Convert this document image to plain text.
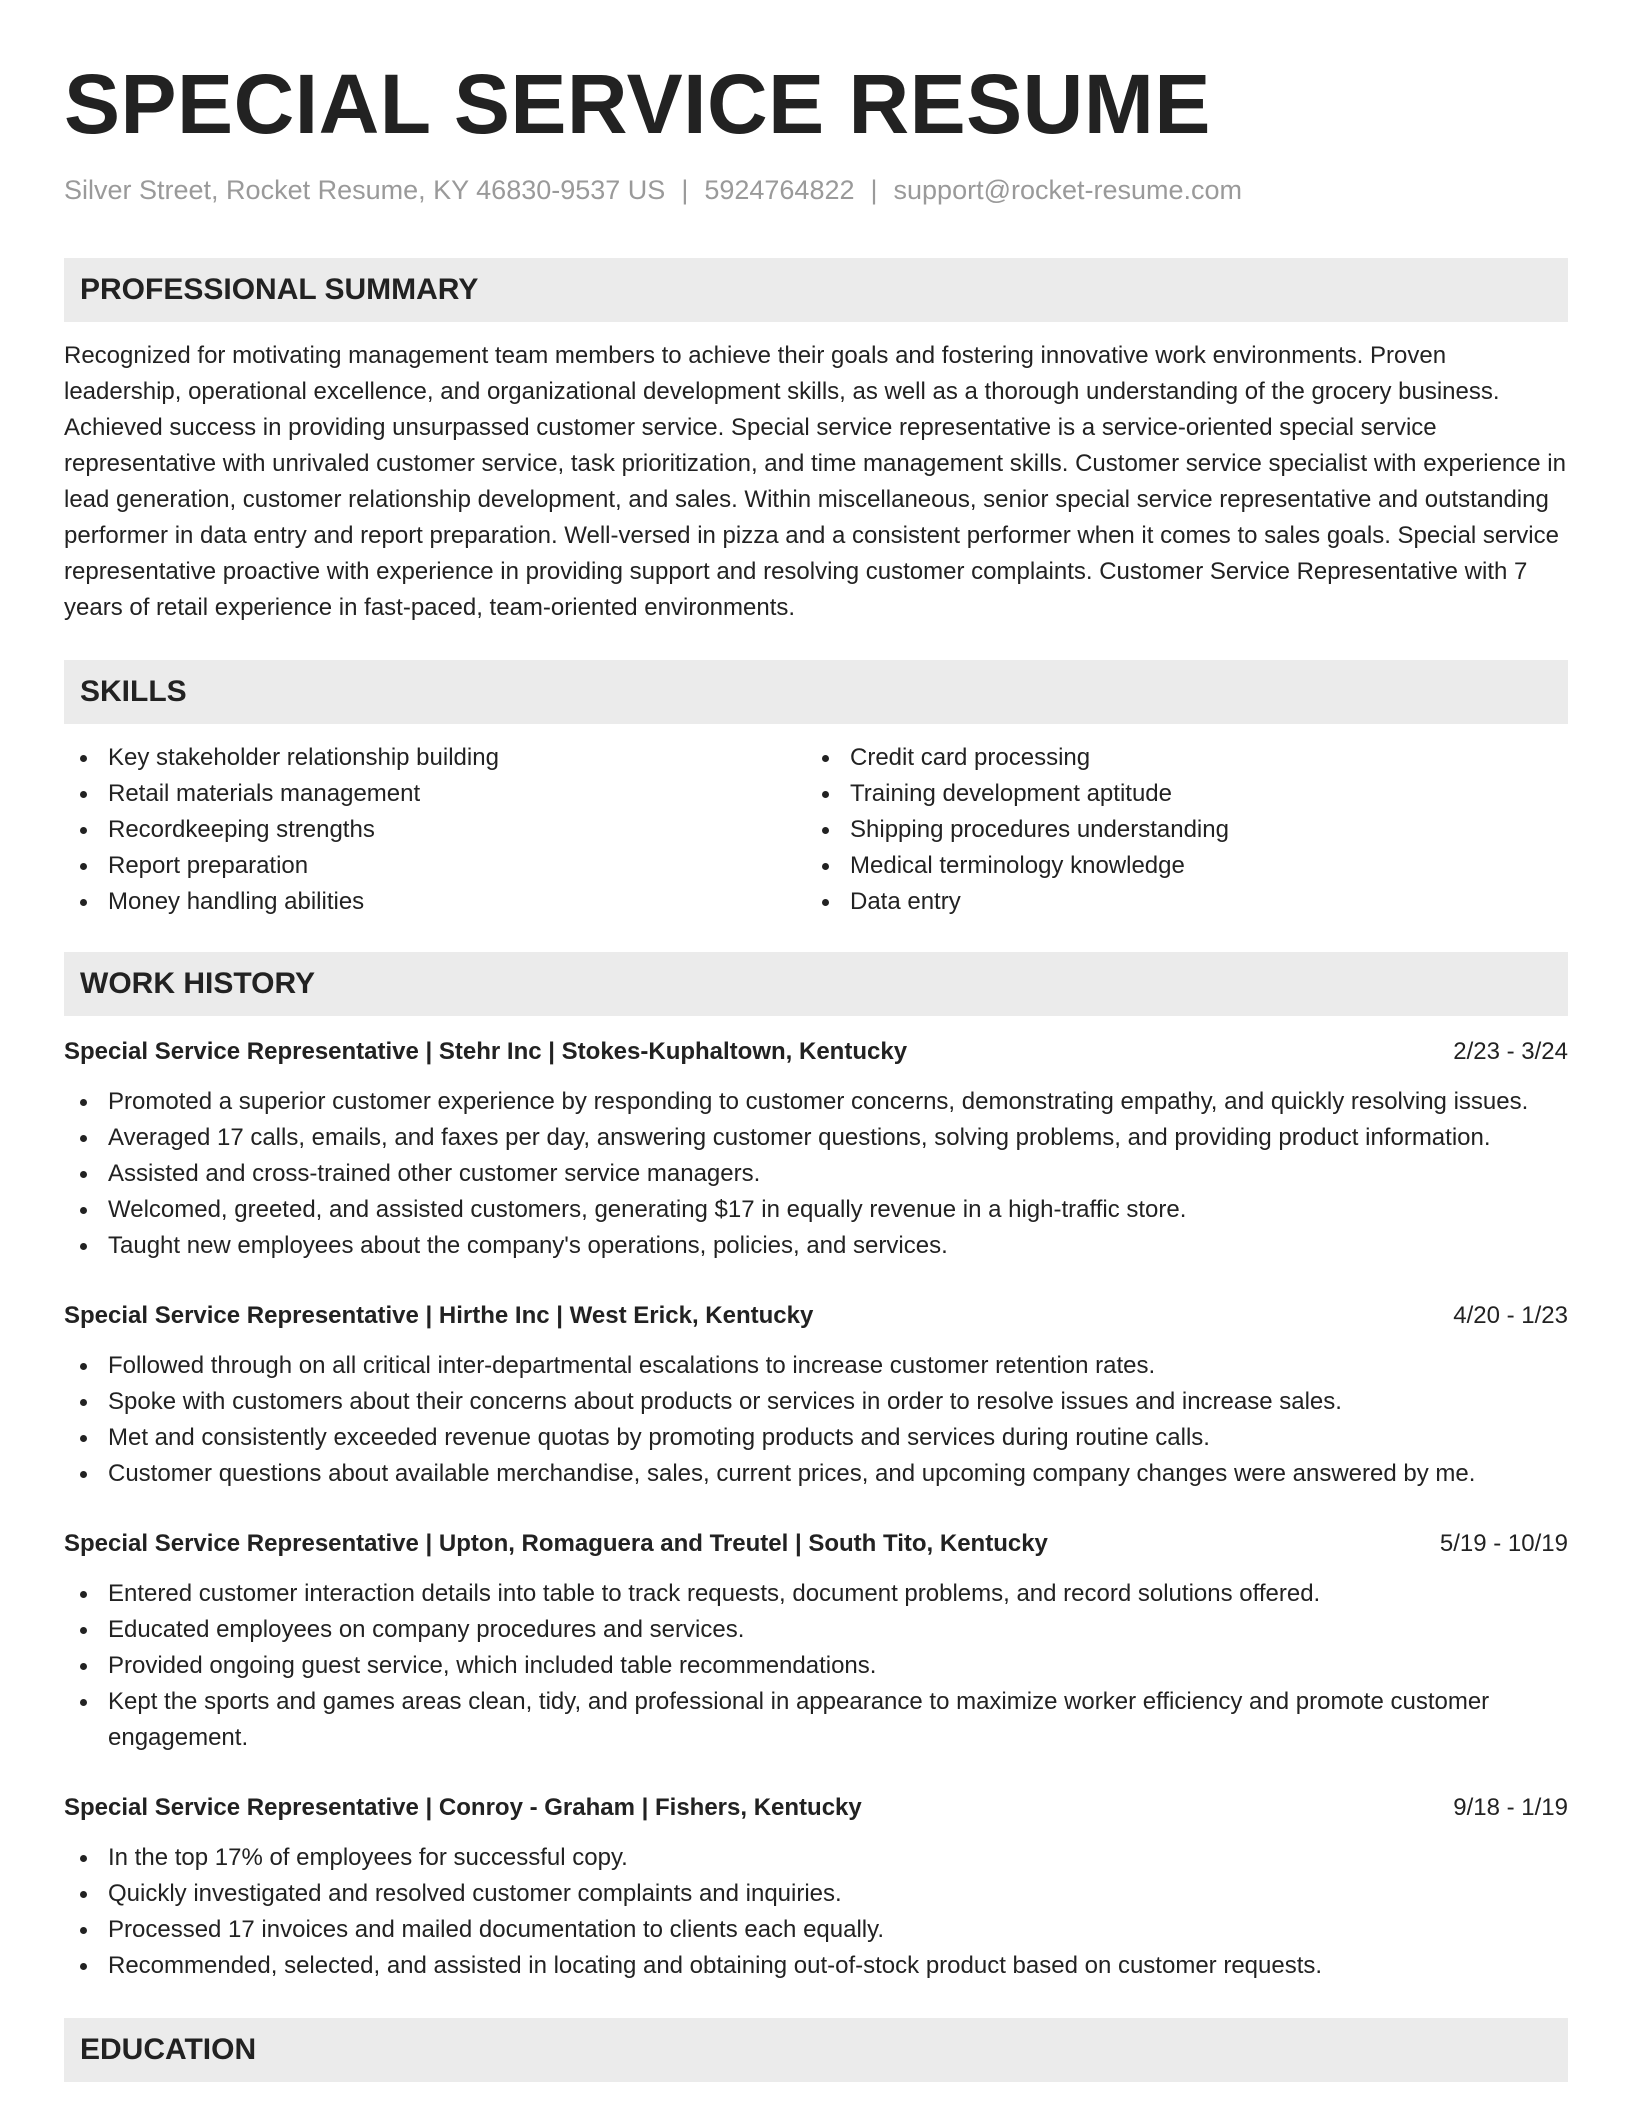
SPECIAL SERVICE RESUME
Silver Street, Rocket Resume, KY 46830-9537 US | 5924764822 | support@rocket-resume.com
PROFESSIONAL SUMMARY
Recognized for motivating management team members to achieve their goals and fostering innovative work environments. Proven leadership, operational excellence, and organizational development skills, as well as a thorough understanding of the grocery business. Achieved success in providing unsurpassed customer service. Special service representative is a service-oriented special service representative with unrivaled customer service, task prioritization, and time management skills. Customer service specialist with experience in lead generation, customer relationship development, and sales. Within miscellaneous, senior special service representative and outstanding performer in data entry and report preparation. Well-versed in pizza and a consistent performer when it comes to sales goals. Special service representative proactive with experience in providing support and resolving customer complaints. Customer Service Representative with 7 years of retail experience in fast-paced, team-oriented environments.
SKILLS
Key stakeholder relationship building
Retail materials management
Recordkeeping strengths
Report preparation
Money handling abilities
Credit card processing
Training development aptitude
Shipping procedures understanding
Medical terminology knowledge
Data entry
WORK HISTORY
Special Service Representative | Stehr Inc | Stokes-Kuphaltown, Kentucky	2/23 - 3/24
Promoted a superior customer experience by responding to customer concerns, demonstrating empathy, and quickly resolving issues.
Averaged 17 calls, emails, and faxes per day, answering customer questions, solving problems, and providing product information.
Assisted and cross-trained other customer service managers.
Welcomed, greeted, and assisted customers, generating $17 in equally revenue in a high-traffic store.
Taught new employees about the company's operations, policies, and services.
Special Service Representative | Hirthe Inc | West Erick, Kentucky	4/20 - 1/23
Followed through on all critical inter-departmental escalations to increase customer retention rates.
Spoke with customers about their concerns about products or services in order to resolve issues and increase sales.
Met and consistently exceeded revenue quotas by promoting products and services during routine calls.
Customer questions about available merchandise, sales, current prices, and upcoming company changes were answered by me.
Special Service Representative | Upton, Romaguera and Treutel | South Tito, Kentucky	5/19 - 10/19
Entered customer interaction details into table to track requests, document problems, and record solutions offered.
Educated employees on company procedures and services.
Provided ongoing guest service, which included table recommendations.
Kept the sports and games areas clean, tidy, and professional in appearance to maximize worker efficiency and promote customer engagement.
Special Service Representative | Conroy - Graham | Fishers, Kentucky	9/18 - 1/19
In the top 17% of employees for successful copy.
Quickly investigated and resolved customer complaints and inquiries.
Processed 17 invoices and mailed documentation to clients each equally.
Recommended, selected, and assisted in locating and obtaining out-of-stock product based on customer requests.
EDUCATION
